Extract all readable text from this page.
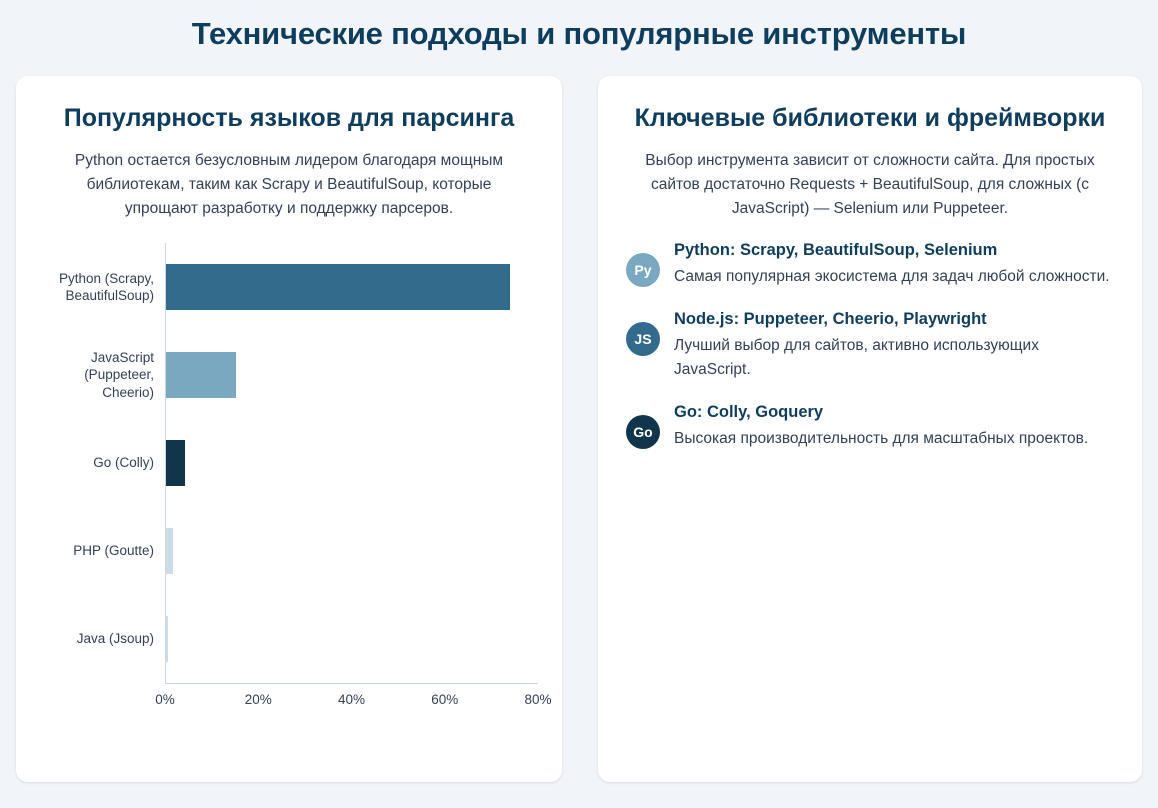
Технические подходы и популярные инструменты
Популярность языков для парсинга

Python остается безусловным лидером благодаря мощным библиотекам, таким как Scrapy и BeautifulSoup, которые упрощают разработку и поддержку парсеров.

Python (Scrapy, BeautifulSoup)
JavaScript (Puppeteer, Cheerio)
Go (Colly)
PHP (Goutte)
Java (Jsoup)
0%	20%	40%	60%	80%
Ключевые библиотеки и фреймворки

Выбор инструмента зависит от сложности сайта. Для простых сайтов достаточно Requests + BeautifulSoup, для сложных (с JavaScript) — Selenium или Puppeteer.

Py

Python: Scrapy, BeautifulSoup, Selenium

Самая популярная экосистема для задач любой сложности.

JS

Node.js: Puppeteer, Cheerio, Playwright

Лучший выбор для сайтов, активно использующих JavaScript.

Go

Go: Colly, Goquery

Высокая производительность для масштабных проектов.
